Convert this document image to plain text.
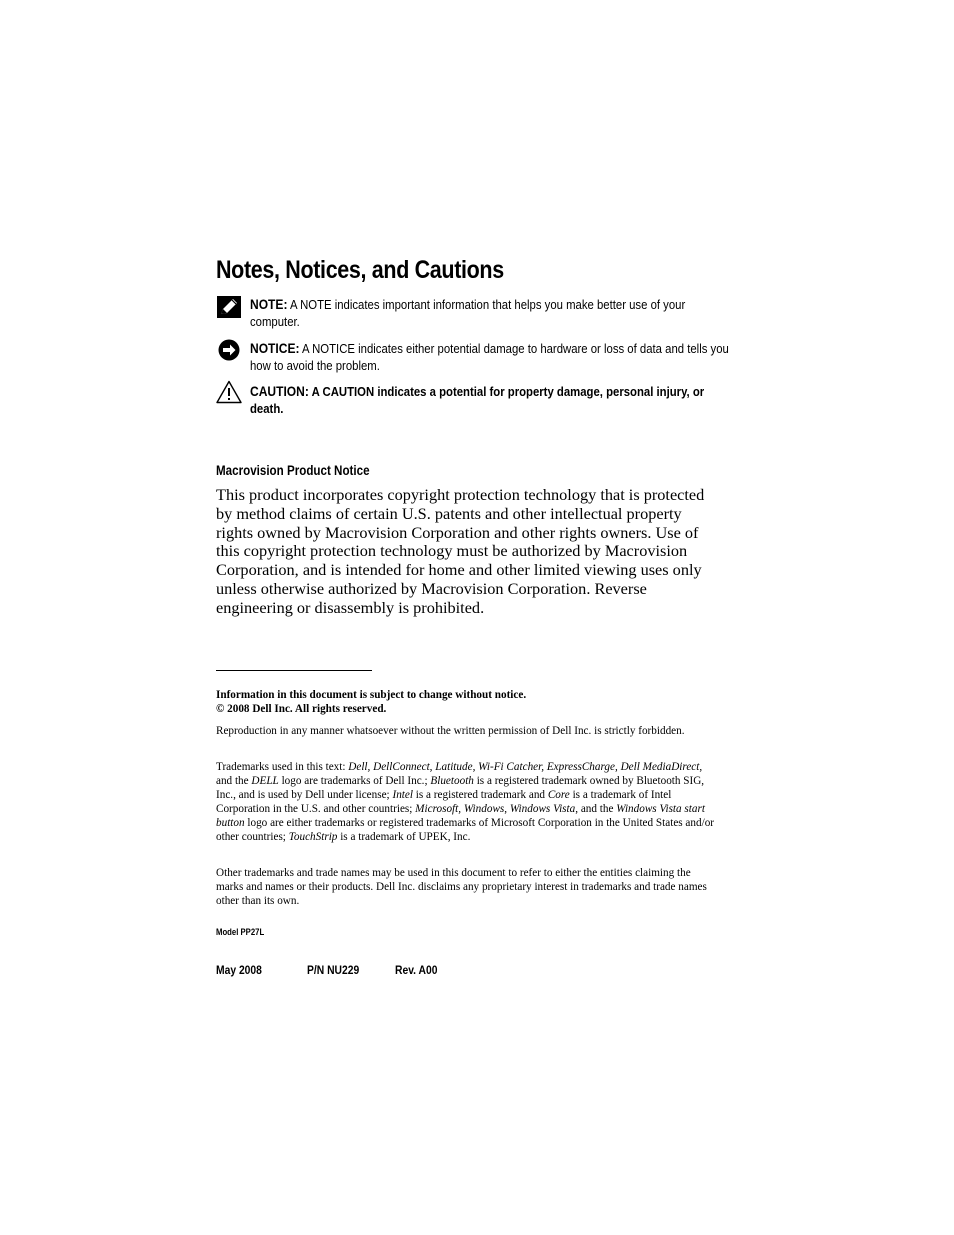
Notes, Notices, and Cautions
NOTE: A NOTE indicates important information that helps you make better use of your computer.
NOTICE: A NOTICE indicates either potential damage to hardware or loss of data and tells you how to avoid the problem.
CAUTION: A CAUTION indicates a potential for property damage, personal injury, or death.
Macrovision Product Notice
This product incorporates copyright protection technology that is protected by method claims of certain U.S. patents and other intellectual property rights owned by Macrovision Corporation and other rights owners. Use of this copyright protection technology must be authorized by Macrovision Corporation, and is intended for home and other limited viewing uses only unless otherwise authorized by Macrovision Corporation. Reverse engineering or disassembly is prohibited.

Information in this document is subject to change without notice.

© 2008 Dell Inc. All rights reserved.

Reproduction in any manner whatsoever without the written permission of Dell Inc. is strictly forbidden.
Trademarks used in this text: Dell, DellConnect, Latitude, Wi-Fi Catcher, ExpressCharge, Dell MediaDirect, and the DELL logo are trademarks of Dell Inc.; Bluetooth is a registered trademark owned by Bluetooth SIG, Inc., and is used by Dell under license; Intel is a registered trademark and Core is a trademark of Intel Corporation in the U.S. and other countries; Microsoft, Windows, Windows Vista, and the Windows Vista start button logo are either trademarks or registered trademarks of Microsoft Corporation in the United States and/or other countries; TouchStrip is a trademark of UPEK, Inc.
Other trademarks and trade names may be used in this document to refer to either the entities claiming the marks and names or their products. Dell Inc. disclaims any proprietary interest in trademarks and trade names other than its own.
Model PP27L
May 2008	P/N NU229	Rev. A00
